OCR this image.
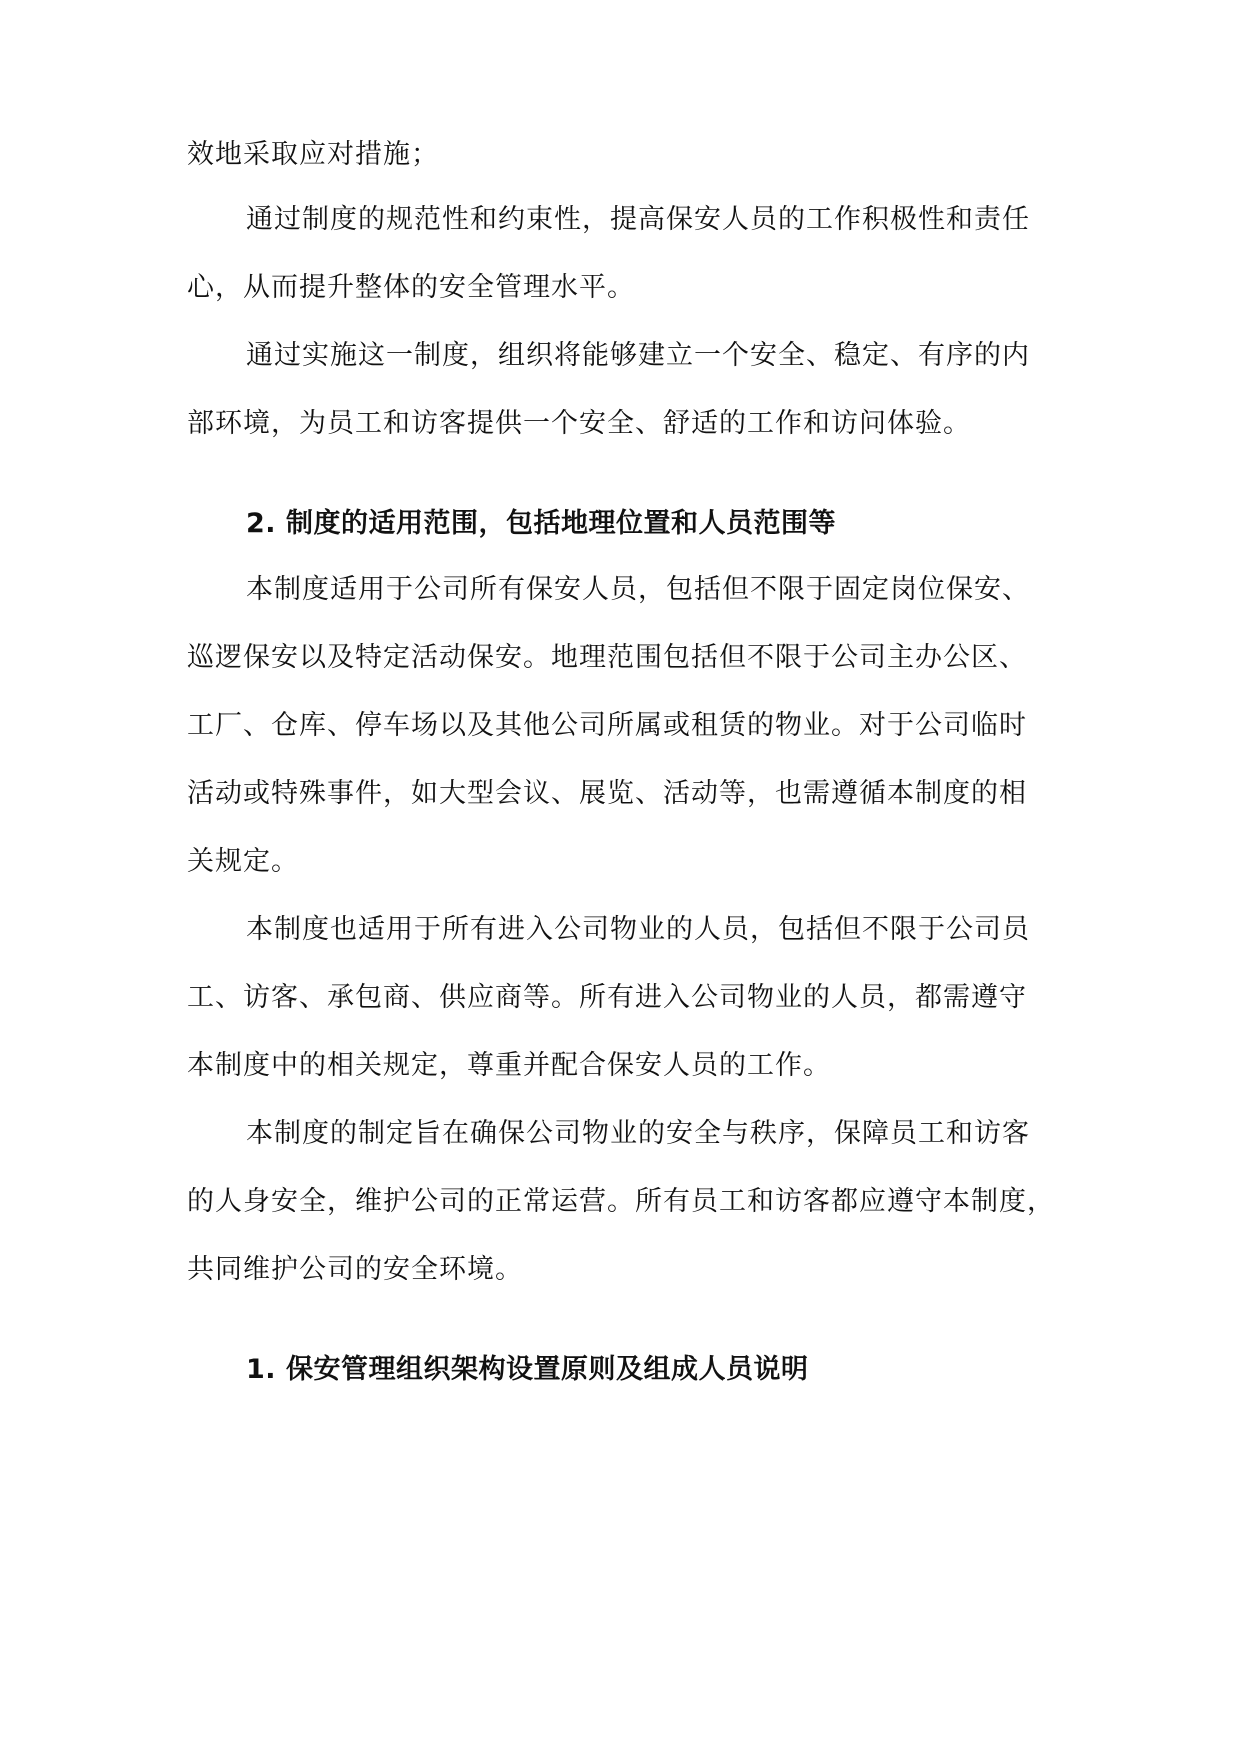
效地采取应对措施；
通过制度的规范性和约束性，提高保安人员的工作积极性和责任
心，从而提升整体的安全管理水平。
通过实施这一制度，组织将能够建立一个安全、稳定、有序的内
部环境，为员工和访客提供一个安全、舒适的工作和访问体验。
2. 制度的适用范围，包括地理位置和人员范围等
本制度适用于公司所有保安人员，包括但不限于固定岗位保安、
巡逻保安以及特定活动保安。地理范围包括但不限于公司主办公区、
工厂、仓库、停车场以及其他公司所属或租赁的物业。对于公司临时
活动或特殊事件，如大型会议、展览、活动等，也需遵循本制度的相
关规定。
本制度也适用于所有进入公司物业的人员，包括但不限于公司员
工、访客、承包商、供应商等。所有进入公司物业的人员，都需遵守
本制度中的相关规定，尊重并配合保安人员的工作。
本制度的制定旨在确保公司物业的安全与秩序，保障员工和访客
的人身安全，维护公司的正常运营。所有员工和访客都应遵守本制度，
共同维护公司的安全环境。
1. 保安管理组织架构设置原则及组成人员说明
